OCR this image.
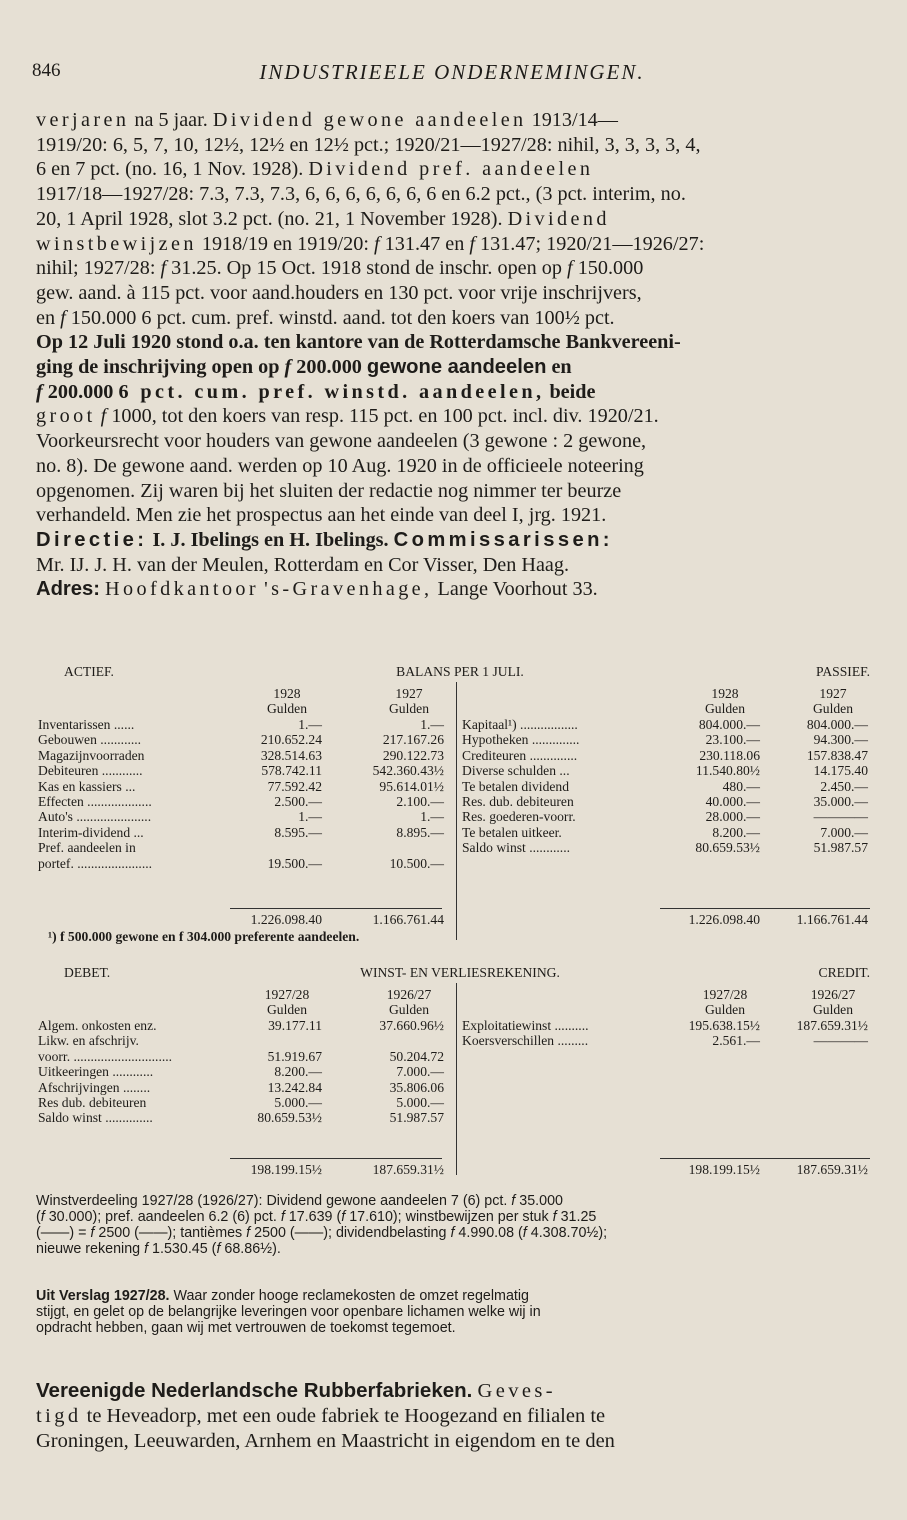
846	INDUSTRIEELE ONDERNEMINGEN.
verjaren na 5 jaar. Dividend gewone aandeelen 1913/14—
1919/20: 6, 5, 7, 10, 12½, 12½ en 12½ pct.; 1920/21—1927/28: nihil, 3, 3, 3, 3, 4,
6 en 7 pct. (no. 16, 1 Nov. 1928). Dividend pref. aandeelen
1917/18—1927/28: 7.3, 7.3, 7.3, 6, 6, 6, 6, 6, 6, 6 en 6.2 pct., (3 pct. interim, no.
20, 1 April 1928, slot 3.2 pct. (no. 21, 1 November 1928). Dividend
winstbewijzen 1918/19 en 1919/20: f 131.47 en f 131.47; 1920/21—1926/27:
nihil; 1927/28: f 31.25. Op 15 Oct. 1918 stond de inschr. open op f 150.000
gew. aand. à 115 pct. voor aand.houders en 130 pct. voor vrije inschrijvers,
en f 150.000 6 pct. cum. pref. winstd. aand. tot den koers van 100½ pct.
Op 12 Juli 1920 stond o.a. ten kantore van de Rotterdamsche Bankvereeni-
ging de inschrijving open op f 200.000 gewone aandeelen en
f 200.000 6 pct. cum. pref. winstd. aandeelen, beide
groot f 1000, tot den koers van resp. 115 pct. en 100 pct. incl. div. 1920/21.
Voorkeursrecht voor houders van gewone aandeelen (3 gewone : 2 gewone,
no. 8). De gewone aand. werden op 10 Aug. 1920 in de officieele noteering
opgenomen. Zij waren bij het sluiten der redactie nog nimmer ter beurze
verhandeld. Men zie het prospectus aan het einde van deel I, jrg. 1921.
Directie: I. J. Ibelings en H. Ibelings. Commissarissen:
Mr. IJ. J. H. van der Meulen, Rotterdam en Cor Visser, Den Haag.
Adres: Hoofdkantoor 's-Gravenhage, Lange Voorhout 33.
ACTIEF.	BALANS PER 1 JULI.	PASSIEF.
1928	1927	1928	1927
Gulden	Gulden	Gulden	Gulden
Inventarissen ......	1.—	1.—
Gebouwen ............	210.652.24	217.167.26
Magazijnvoorraden	328.514.63	290.122.73
Debiteuren ............	578.742.11	542.360.43½
Kas en kassiers ...	77.592.42	95.614.01½
Effecten ...................	2.500.—	2.100.—
Auto's ......................	1.—	1.—
Interim-dividend ...	8.595.—	8.895.—
Pref. aandeelen in
portef. ......................	19.500.—	10.500.—
Kapitaal¹) .................	804.000.—	804.000.—
Hypotheken ..............	23.100.—	94.300.—
Crediteuren ..............	230.118.06	157.838.47
Diverse schulden ...	11.540.80½	14.175.40
Te betalen dividend	480.—	2.450.—
Res. dub. debiteuren	40.000.—	35.000.—
Res. goederen-voorr.	28.000.—	————
Te betalen uitkeer.	8.200.—	7.000.—
Saldo winst ............	80.659.53½	51.987.57
1.226.098.40	1.166.761.44	1.226.098.40	1.166.761.44
¹) f 500.000 gewone en f 304.000 preferente aandeelen.
DEBET.	WINST- EN VERLIESREKENING.	CREDIT.
1927/28	1926/27	1927/28	1926/27
Gulden	Gulden	Gulden	Gulden
Algem. onkosten enz.	39.177.11	37.660.96½
Likw. en afschrijv.
voorr. .............................	51.919.67	50.204.72
Uitkeeringen ............	8.200.—	7.000.—
Afschrijvingen ........	13.242.84	35.806.06
Res dub. debiteuren	5.000.—	5.000.—
Saldo winst ..............	80.659.53½	51.987.57
Exploitatiewinst ..........	195.638.15½	187.659.31½
Koersverschillen .........	2.561.—	————
198.199.15½	187.659.31½	198.199.15½	187.659.31½
Winstverdeeling 1927/28 (1926/27): Dividend gewone aandeelen 7 (6) pct. f 35.000
(f 30.000); pref. aandeelen 6.2 (6) pct. f 17.639 (f 17.610); winstbewijzen per stuk f 31.25
(——) = f 2500 (——); tantièmes f 2500 (——); dividendbelasting f 4.990.08 (f 4.308.70½);
nieuwe rekening f 1.530.45 (f 68.86½).
Uit Verslag 1927/28. Waar zonder hooge reclamekosten de omzet regelmatig
stijgt, en gelet op de belangrijke leveringen voor openbare lichamen welke wij in
opdracht hebben, gaan wij met vertrouwen de toekomst tegemoet.
Vereenigde Nederlandsche Rubberfabrieken. Geves-
tigd te Heveadorp, met een oude fabriek te Hoogezand en filialen te
Groningen, Leeuwarden, Arnhem en Maastricht in eigendom en te den
